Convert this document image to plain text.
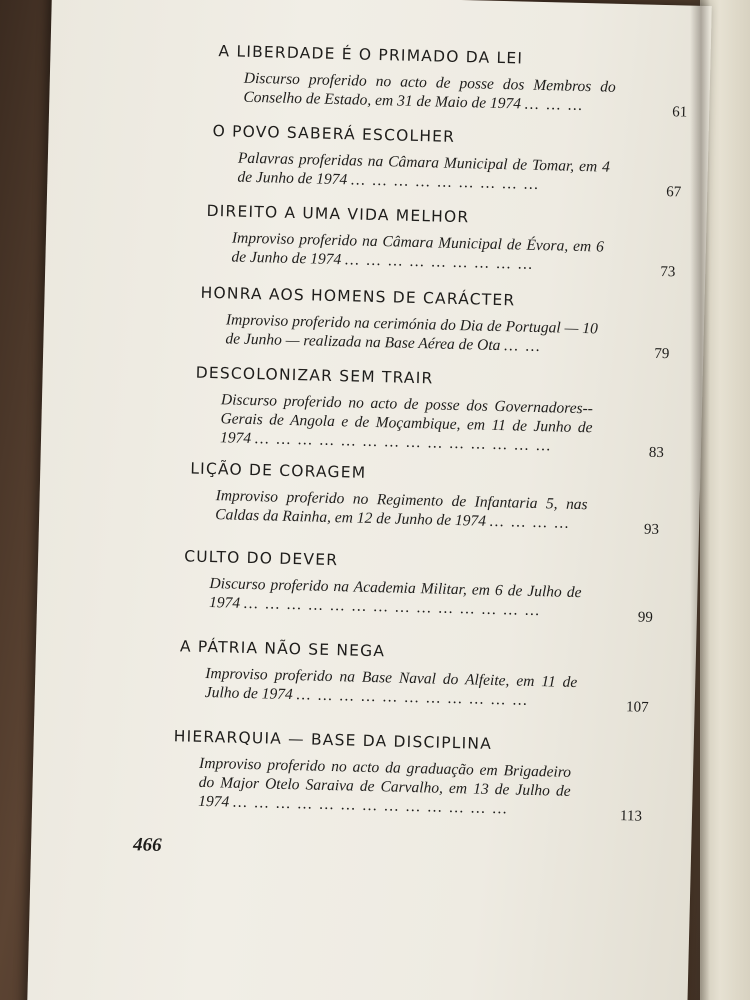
A LIBERDADE É O PRIMADO DA LEI
Discurso proferido no acto de posse dos Membros do Conselho de Estado, em 31 de Maio de 1974 … … …	61
O POVO SABERÁ ESCOLHER
Palavras proferidas na Câmara Municipal de Tomar, em 4 de Junho de 1974 … … … … … … … … …	67
DIREITO A UMA VIDA MELHOR
Improviso proferido na Câmara Municipal de Évora, em 6 de Junho de 1974 … … … … … … … … …	73
HONRA AOS HOMENS DE CARÁCTER
Improviso proferido na cerimónia do Dia de Portugal — 10 de Junho — realizada na Base Aérea de Ota … …	79
DESCOLONIZAR SEM TRAIR
Discurso proferido no acto de posse dos Governadores--Gerais de Angola e de Moçambique, em 11 de Junho de 1974 … … … … … … … … … … … … … …	83
LIÇÃO DE CORAGEM
Improviso proferido no Regimento de Infantaria 5, nas Caldas da Rainha, em 12 de Junho de 1974 … … … …	93
CULTO DO DEVER
Discurso proferido na Academia Militar, em 6 de Julho de 1974 … … … … … … … … … … … … … …	99
A PÁTRIA NÃO SE NEGA
Improviso proferido na Base Naval do Alfeite, em 11 de Julho de 1974 … … … … … … … … … … …	107
HIERARQUIA — BASE DA DISCIPLINA
Improviso proferido no acto da graduação em Brigadeiro do Major Otelo Saraiva de Carvalho, em 13 de Julho de 1974 … … … … … … … … … … … … …	113
466
